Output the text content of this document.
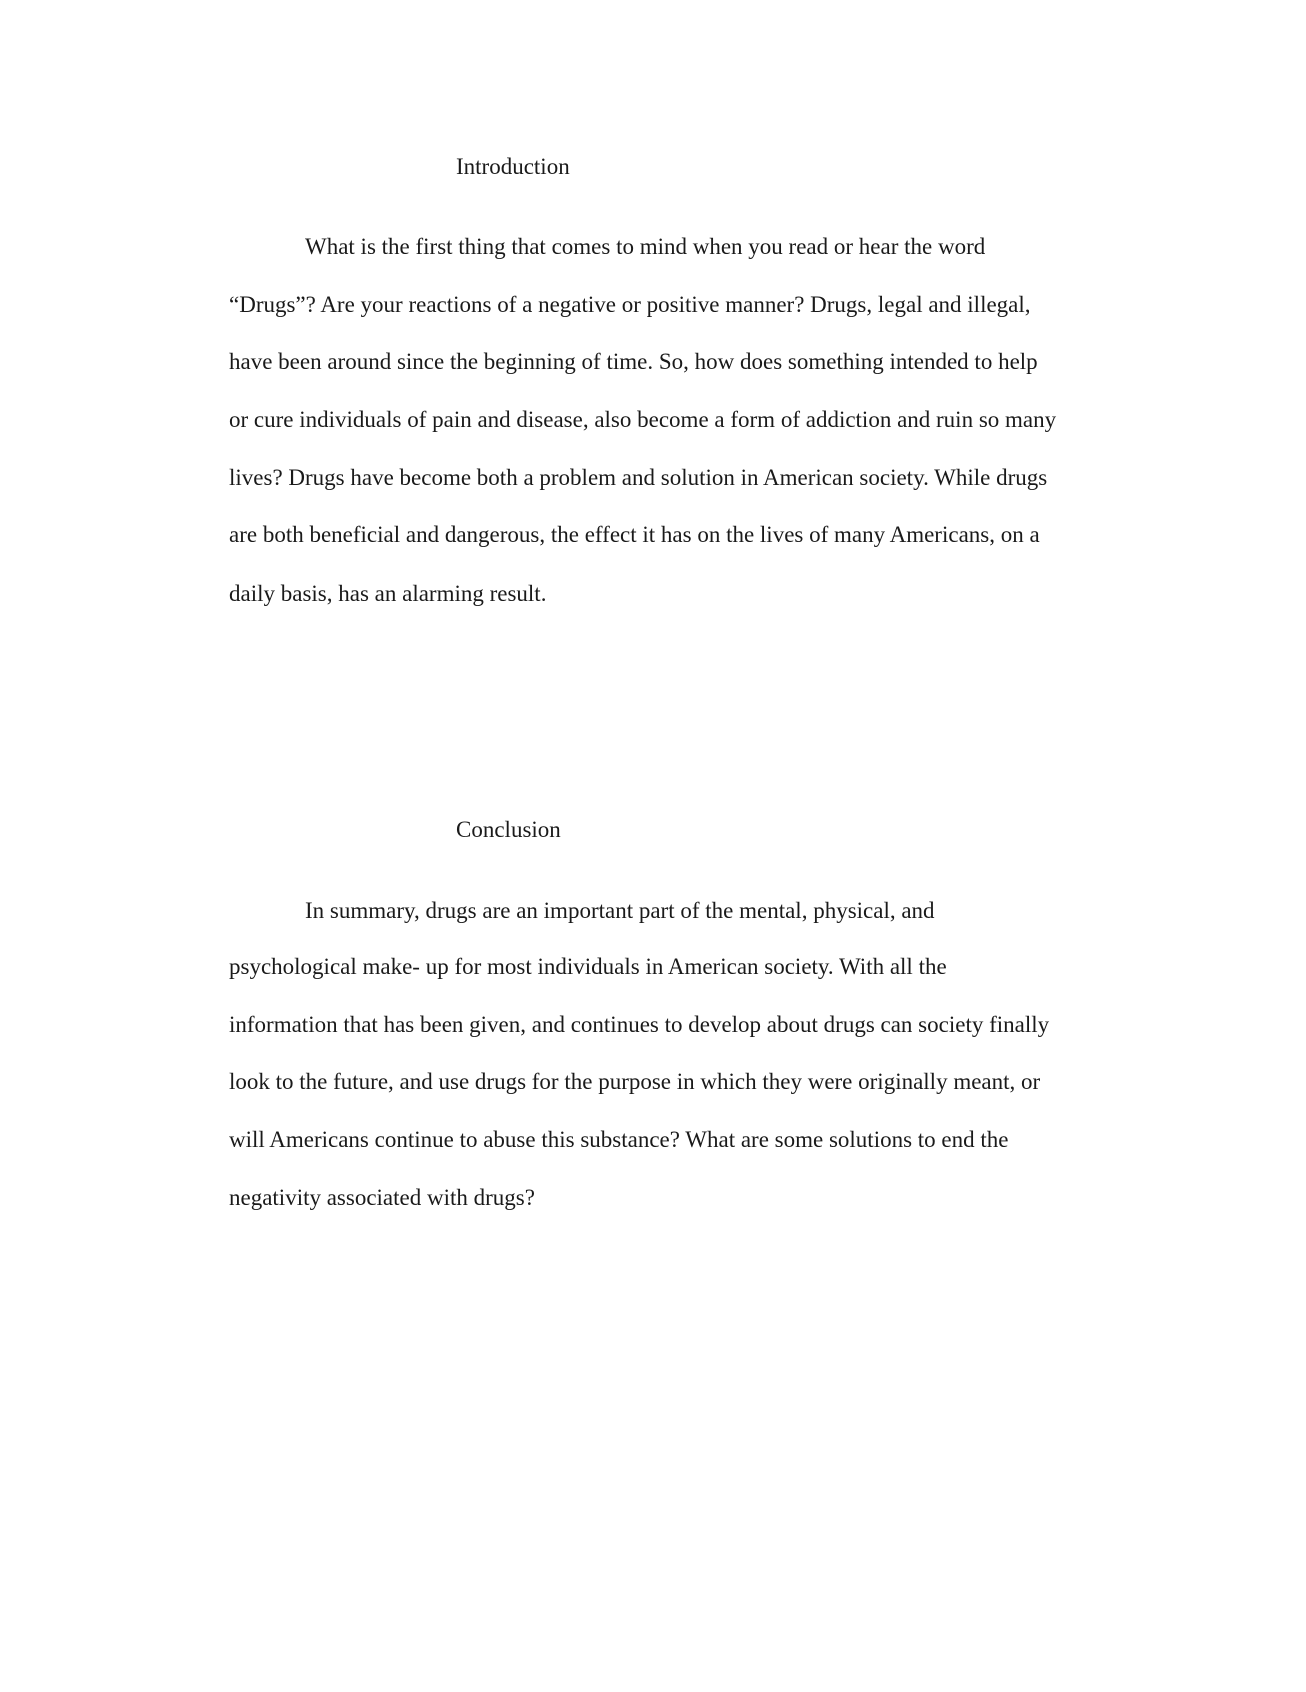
Introduction

What is the first thing that comes to mind when you read or hear the word

“Drugs”? Are your reactions of a negative or positive manner? Drugs, legal and illegal,

have been around since the beginning of time. So, how does something intended to help

or cure individuals of pain and disease, also become a form of addiction and ruin so many

lives? Drugs have become both a problem and solution in American society. While drugs

are both beneficial and dangerous, the effect it has on the lives of many Americans, on a

daily basis, has an alarming result.

Conclusion

In summary, drugs are an important part of the mental, physical, and

psychological make- up for most individuals in American society. With all the

information that has been given, and continues to develop about drugs can society finally

look to the future, and use drugs for the purpose in which they were originally meant, or

will Americans continue to abuse this substance? What are some solutions to end the

negativity associated with drugs?
